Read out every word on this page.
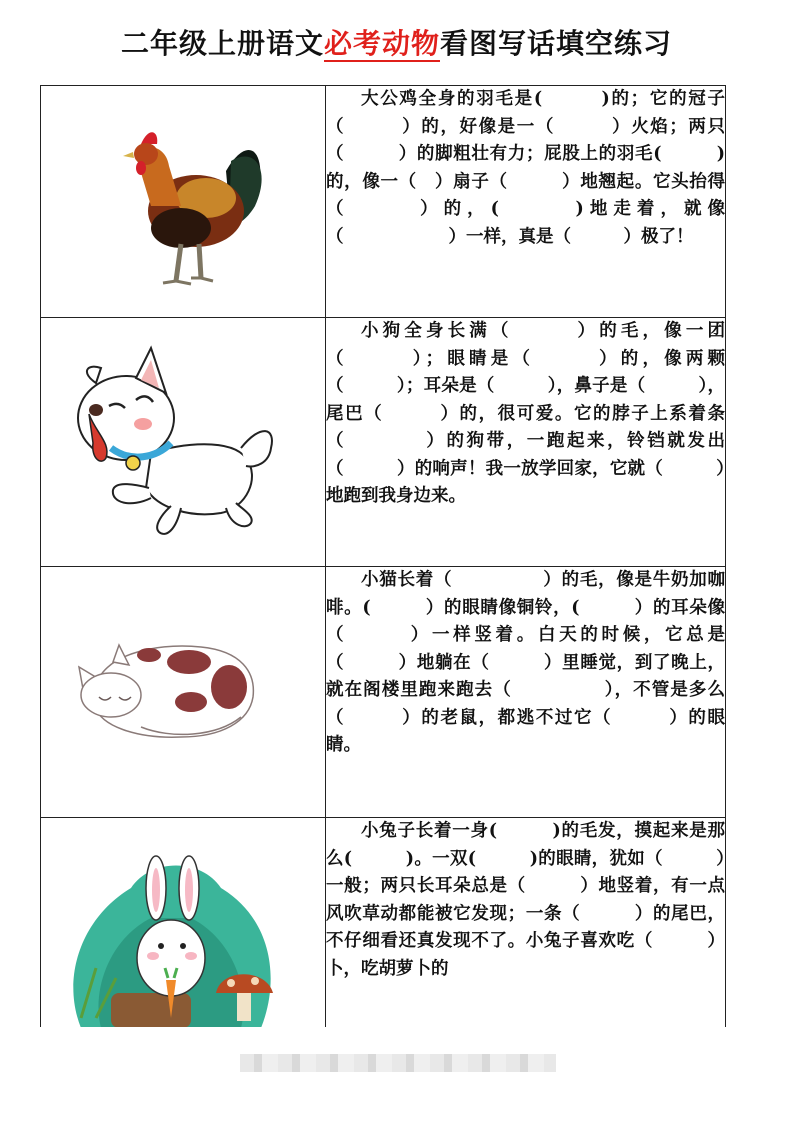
二年级上册语文必考动物看图写话填空练习

大公鸡全身的羽毛是(　　　)的；它的冠子（　　　）的，好像是一（　　　）火焰；两只（　　　）的脚粗壮有力；屁股上的羽毛(　　　)的，像一（　）扇子（　　　）地翘起。它头抬得（　　　）的，(　　　)地走着，就像（　　　　　　）一样，真是（　　　）极了！

小狗全身长满（　　　）的毛，像一团（　　　）；眼睛是（　　　）的，像两颗（　　　）；耳朵是（　　　），鼻子是（　　　），尾巴（　　　）的，很可爱。它的脖子上系着条（　　　　）的狗带，一跑起来，铃铛就发出（　　　）的响声！我一放学回家，它就（　　　）地跑到我身边来。

小猫长着（　　　　　）的毛，像是牛奶加咖啡。(　　　）的眼睛像铜铃，(　　　）的耳朵像（　　　）一样竖着。白天的时候，它总是（　　　）地躺在（　　　）里睡觉，到了晚上，就在阁楼里跑来跑去（　　　　　），不管是多么（　　　）的老鼠，都逃不过它（　　　）的眼睛。

小兔子长着一身(　　　)的毛发，摸起来是那么(　　　)。一双(　　　)的眼睛，犹如（　　　）一般；两只长耳朵总是（　　　）地竖着，有一点风吹草动都能被它发现；一条（　　　）的尾巴，不仔细看还真发现不了。小兔子喜欢吃（　　　）卜，吃胡萝卜的
